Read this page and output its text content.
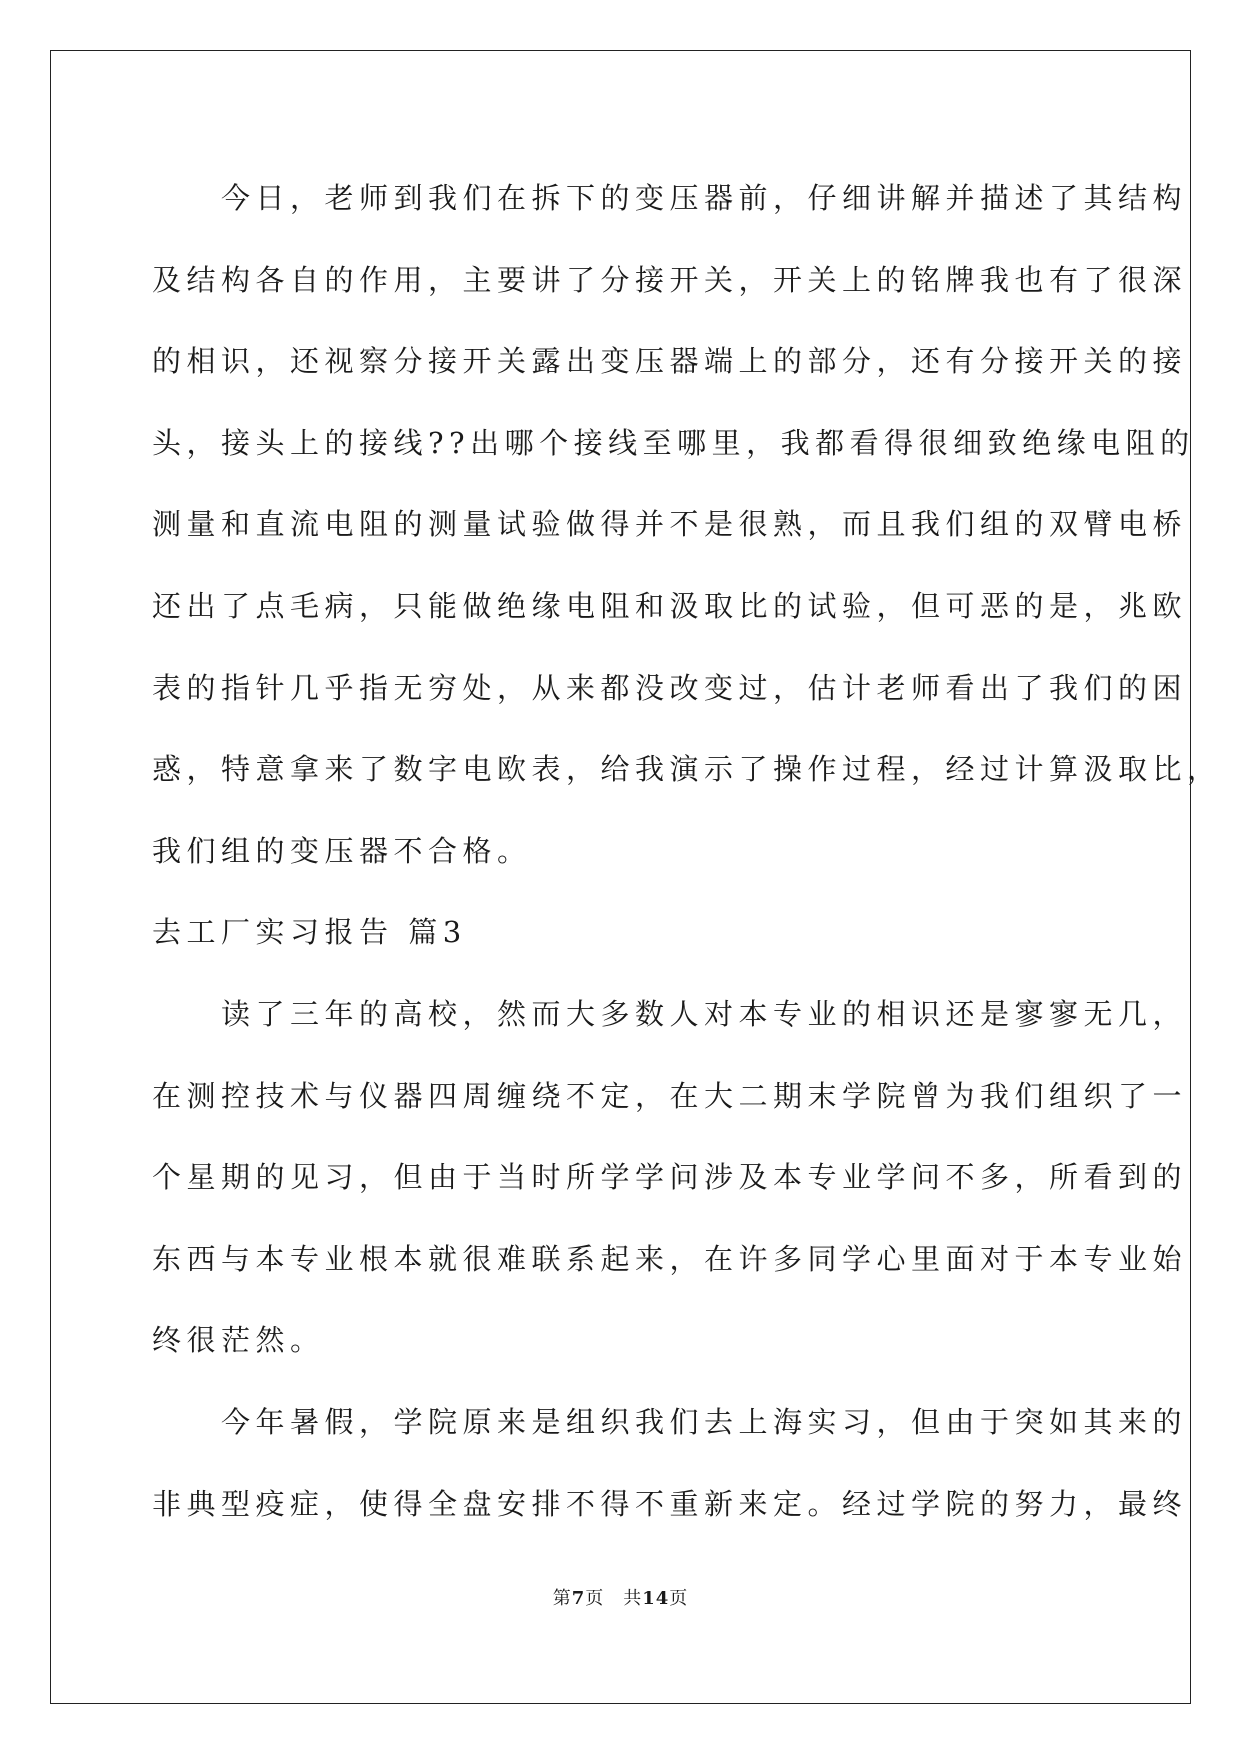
　　今日，老师到我们在拆下的变压器前，仔细讲解并描述了其结构
及结构各自的作用，主要讲了分接开关，开关上的铭牌我也有了很深
的相识，还视察分接开关露出变压器端上的部分，还有分接开关的接
头，接头上的接线??出哪个接线至哪里，我都看得很细致绝缘电阻的
测量和直流电阻的测量试验做得并不是很熟，而且我们组的双臂电桥
还出了点毛病，只能做绝缘电阻和汲取比的试验，但可恶的是，兆欧
表的指针几乎指无穷处，从来都没改变过，估计老师看出了我们的困
惑，特意拿来了数字电欧表，给我演示了操作过程，经过计算汲取比，
我们组的变压器不合格。
去工厂实习报告 篇3
　　读了三年的高校，然而大多数人对本专业的相识还是寥寥无几，
在测控技术与仪器四周缠绕不定，在大二期末学院曾为我们组织了一
个星期的见习，但由于当时所学学问涉及本专业学问不多，所看到的
东西与本专业根本就很难联系起来，在许多同学心里面对于本专业始
终很茫然。
　　今年暑假，学院原来是组织我们去上海实习，但由于突如其来的
非典型疫症，使得全盘安排不得不重新来定。经过学院的努力，最终
第7页　共14页
